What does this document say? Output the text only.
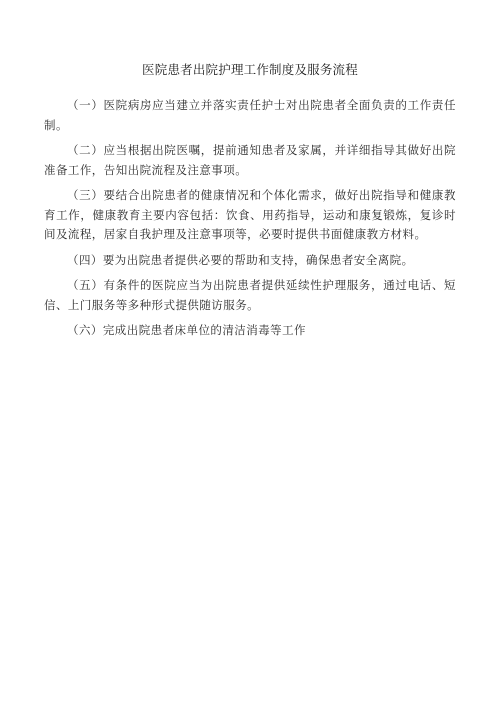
医院患者出院护理工作制度及服务流程

（一）医院病房应当建立并落实责任护士对出院患者全面负责的工作责任制。

（二）应当根据出院医嘱，提前通知患者及家属，并详细指导其做好出院准备工作，告知出院流程及注意事项。

（三）要结合出院患者的健康情况和个体化需求，做好出院指导和健康教育工作，健康教育主要内容包括：饮食、用药指导，运动和康复锻炼，复诊时间及流程，居家自我护理及注意事项等，必要时提供书面健康教方材料。

（四）要为出院患者提供必要的帮助和支持，确保患者安全离院。

（五）有条件的医院应当为出院患者提供延续性护理服务，通过电话、短信、上门服务等多种形式提供随访服务。

（六）完成出院患者床单位的清洁消毒等工作
